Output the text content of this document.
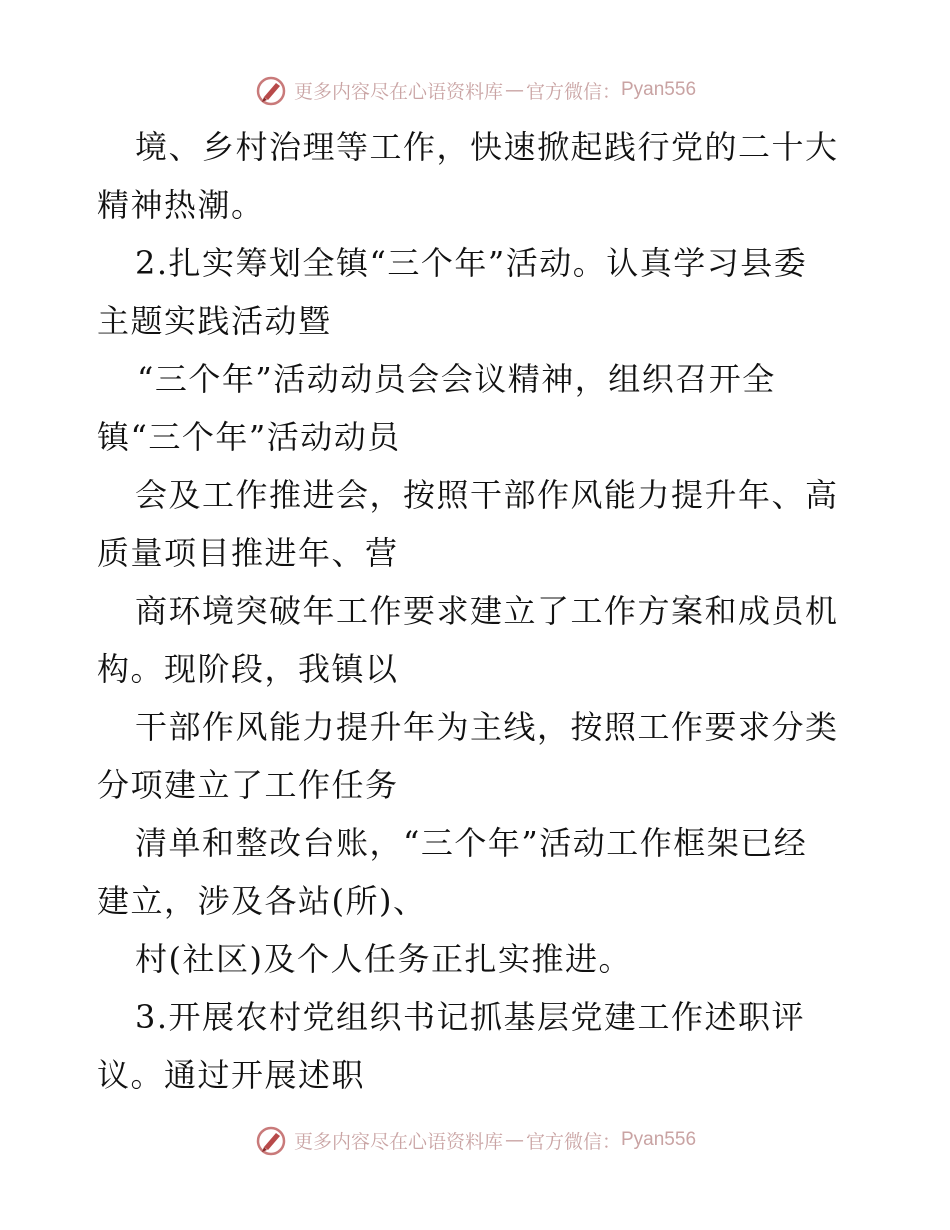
更多内容尽在心语资料库 — 官方微信： Pyan556
境、乡村治理等工作，快速掀起践行党的二十大
精神热潮。
2.扎实筹划全镇“三个年”活动。认真学习县委
主题实践活动暨
“三个年”活动动员会会议精神，组织召开全
镇“三个年”活动动员
会及工作推进会，按照干部作风能力提升年、高
质量项目推进年、营
商环境突破年工作要求建立了工作方案和成员机
构。现阶段，我镇以
干部作风能力提升年为主线，按照工作要求分类
分项建立了工作任务
清单和整改台账，“三个年”活动工作框架已经
建立，涉及各站(所)、
村(社区)及个人任务正扎实推进。
3.开展农村党组织书记抓基层党建工作述职评
议。通过开展述职
更多内容尽在心语资料库 — 官方微信： Pyan556
